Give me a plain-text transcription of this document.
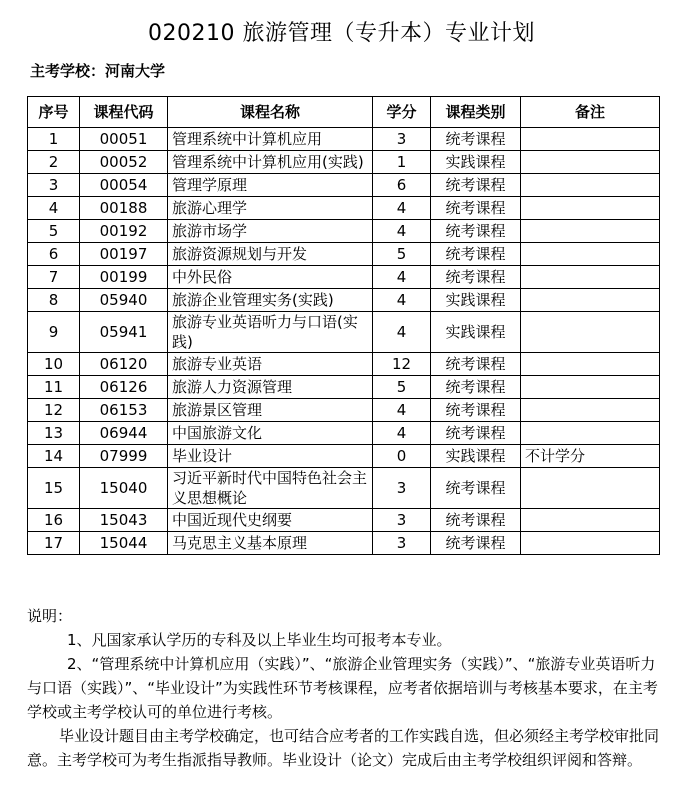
020210 旅游管理（专升本）专业计划
主考学校：河南大学
序号	课程代码	课程名称	学分	课程类别	备注
1	00051	管理系统中计算机应用	3	统考课程	
2	00052	管理系统中计算机应用(实践)	1	实践课程	
3	00054	管理学原理	6	统考课程	
4	00188	旅游心理学	4	统考课程	
5	00192	旅游市场学	4	统考课程	
6	00197	旅游资源规划与开发	5	统考课程	
7	00199	中外民俗	4	统考课程	
8	05940	旅游企业管理实务(实践)	4	实践课程	
9	05941	旅游专业英语听力与口语(实践)	4	实践课程	
10	06120	旅游专业英语	12	统考课程	
11	06126	旅游人力资源管理	5	统考课程	
12	06153	旅游景区管理	4	统考课程	
13	06944	中国旅游文化	4	统考课程	
14	07999	毕业设计	0	实践课程	不计学分
15	15040	习近平新时代中国特色社会主义思想概论	3	统考课程	
16	15043	中国近现代史纲要	3	统考课程	
17	15044	马克思主义基本原理	3	统考课程	

说明：

1、凡国家承认学历的专科及以上毕业生均可报考本专业。

2、“管理系统中计算机应用（实践）”、“旅游企业管理实务（实践）”、“旅游专业英语听力与口语（实践）”、“毕业设计”为实践性环节考核课程，应考者依据培训与考核基本要求，在主考学校或主考学校认可的单位进行考核。

毕业设计题目由主考学校确定，也可结合应考者的工作实践自选，但必须经主考学校审批同意。主考学校可为考生指派指导教师。毕业设计（论文）完成后由主考学校组织评阅和答辩。
